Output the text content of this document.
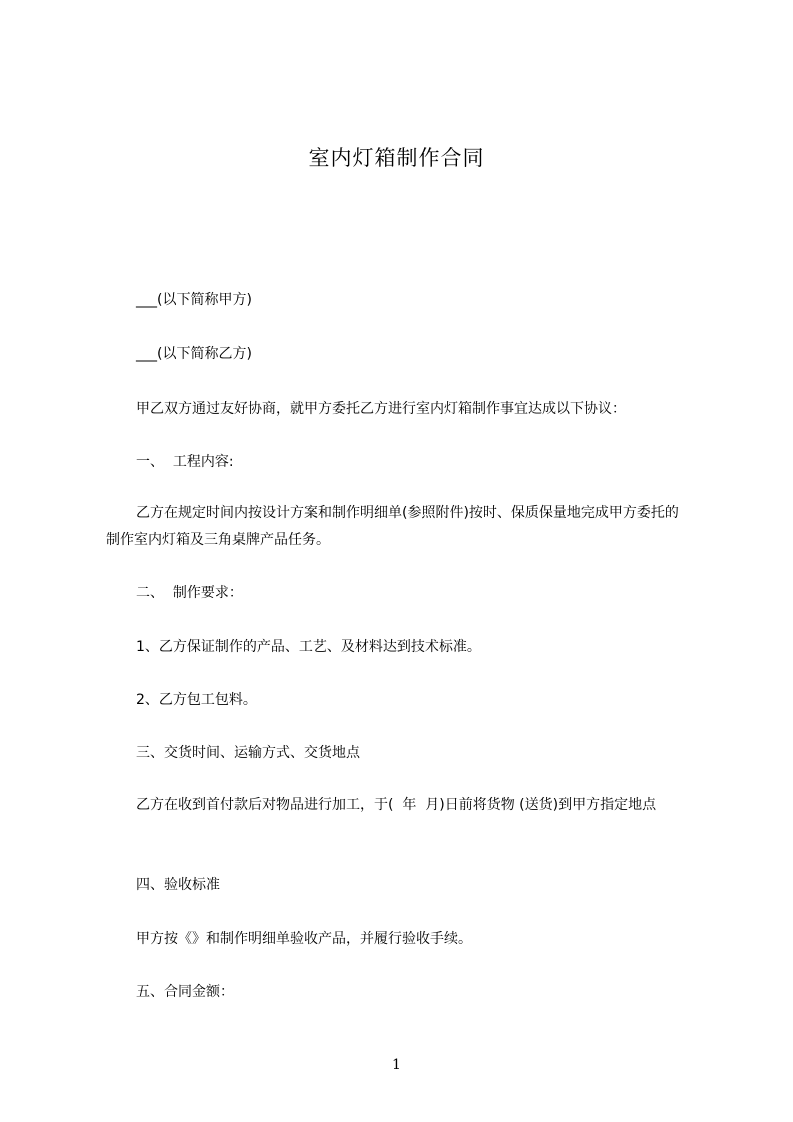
室内灯箱制作合同
___(以下简称甲方)
___(以下简称乙方)
甲乙双方通过友好协商，就甲方委托乙方进行室内灯箱制作事宜达成以下协议：
一、  工程内容:
乙方在规定时间内按设计方案和制作明细单(参照附件)按时、保质保量地完成甲方委托的制作室内灯箱及三角桌牌产品任务。
二、  制作要求：
1、乙方保证制作的产品、工艺、及材料达到技术标准。
2、乙方包工包料。
三、交货时间、运输方式、交货地点
乙方在收到首付款后对物品进行加工，于(  年  月)日前将货物 (送货)到甲方指定地点
四、验收标准
甲方按《》和制作明细单验收产品，并履行验收手续。
五、合同金额：
1
